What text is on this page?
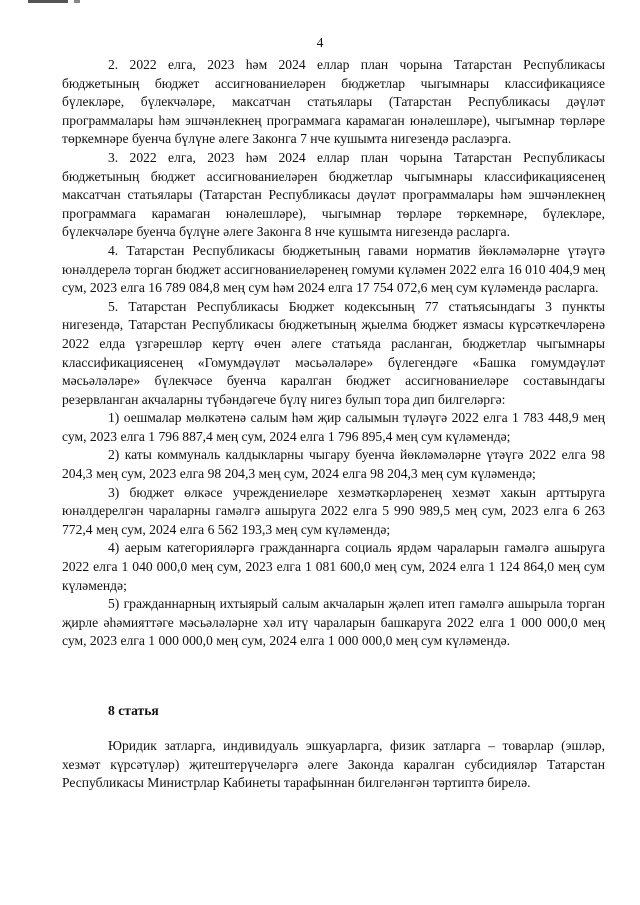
4

2. 2022 елга, 2023 һәм 2024 еллар план чорына Татарстан Республикасы бюджетының бюджет ассигнованиеләрен бюджетлар чыгымнары классификациясе бүлекләре, бүлекчәләре, максатчан статьялары (Татарстан Республикасы дәүләт программалары һәм эшчәнлекнең программага карамаган юнәлешләре), чыгымнар төрләре төркемнәре буенча бүлүне әлеге Законга 7 нче кушымта нигезендә раслаэрга.

3. 2022 елга, 2023 һәм 2024 еллар план чорына Татарстан Республикасы бюджетының бюджет ассигнованиеләрен бюджетлар чыгымнары классификациясенең максатчан статьялары (Татарстан Республикасы дәүләт программалары һәм эшчәнлекнең программага карамаган юнәлешләре), чыгымнар төрләре төркемнәре, бүлекләре, бүлекчәләре буенча бүлүне әлеге Законга 8 нче кушымта нигезендә расларга.

4. Татарстан Республикасы бюджетының гавами норматив йөкләмәләрне үтәүгә юнәлдерелә торган бюджет ассигнованиеләренең гомуми күләмен 2022 елга 16 010 404,9 мең сум, 2023 елга 16 789 084,8 мең сум һәм 2024 елга 17 754 072,6 мең сум күләмендә расларга.

5. Татарстан Республикасы Бюджет кодексының 77 статьясындагы 3 пункты нигезендә, Татарстан Республикасы бюджетының җыелма бюджет язмасы күрсәткечләренә 2022 елда үзгәрешләр кертү өчен әлеге статьяда расланган, бюджетлар чыгымнары классификациясенең «Гомумдәүләт мәсьәләләре» бүлегендәге «Башка гомумдәүләт мәсьәләләре» бүлекчәсе буенча каралган бюджет ассигнованиеләре составындагы резервланган акчаларны түбәндәгече бүлү нигез булып тора дип билгеләргә:

1) оешмалар мөлкәтенә салым һәм җир салымын түләүгә 2022 елга 1 783 448,9 мең сум, 2023 елга 1 796 887,4 мең сум, 2024 елга 1 796 895,4 мең сум күләмендә;

2) каты коммуналь калдыкларны чыгару буенча йөкләмәләрне үтәүгә 2022 елга 98 204,3 мең сум, 2023 елга 98 204,3 мең сум, 2024 елга 98 204,3 мең сум күләмендә;

3) бюджет өлкәсе учреждениеләре хезмәткәрләренең хезмәт хакын арттыруга юнәлдерелгән чараларны гамәлгә ашыруга 2022 елга 5 990 989,5 мең сум, 2023 елга 6 263 772,4 мең сум, 2024 елга 6 562 193,3 мең сум күләмендә;

4) аерым категорияләргә гражданнарга социаль ярдәм чараларын гамәлгә ашыруга 2022 елга 1 040 000,0 мең сум, 2023 елга 1 081 600,0 мең сум, 2024 елга 1 124 864,0 мең сум күләмендә;

5) гражданнарның ихтыярый салым акчаларын җәлеп итеп гамәлгә ашырыла торган җирле әһәмияттәге мәсьәләләрне хәл итү чараларын башкаруга 2022 елга 1 000 000,0 мең сум, 2023 елга 1 000 000,0 мең сум, 2024 елга 1 000 000,0 мең сум күләмендә.

8 статья

Юридик затларга, индивидуаль эшкуарларга, физик затларга – товарлар (эшләр, хезмәт күрсәтүләр) җитештерүчеләргә әлеге Законда каралган субсидияләр Татарстан Республикасы Министрлар Кабинеты тарафыннан билгеләнгән тәртиптә бирелә.
